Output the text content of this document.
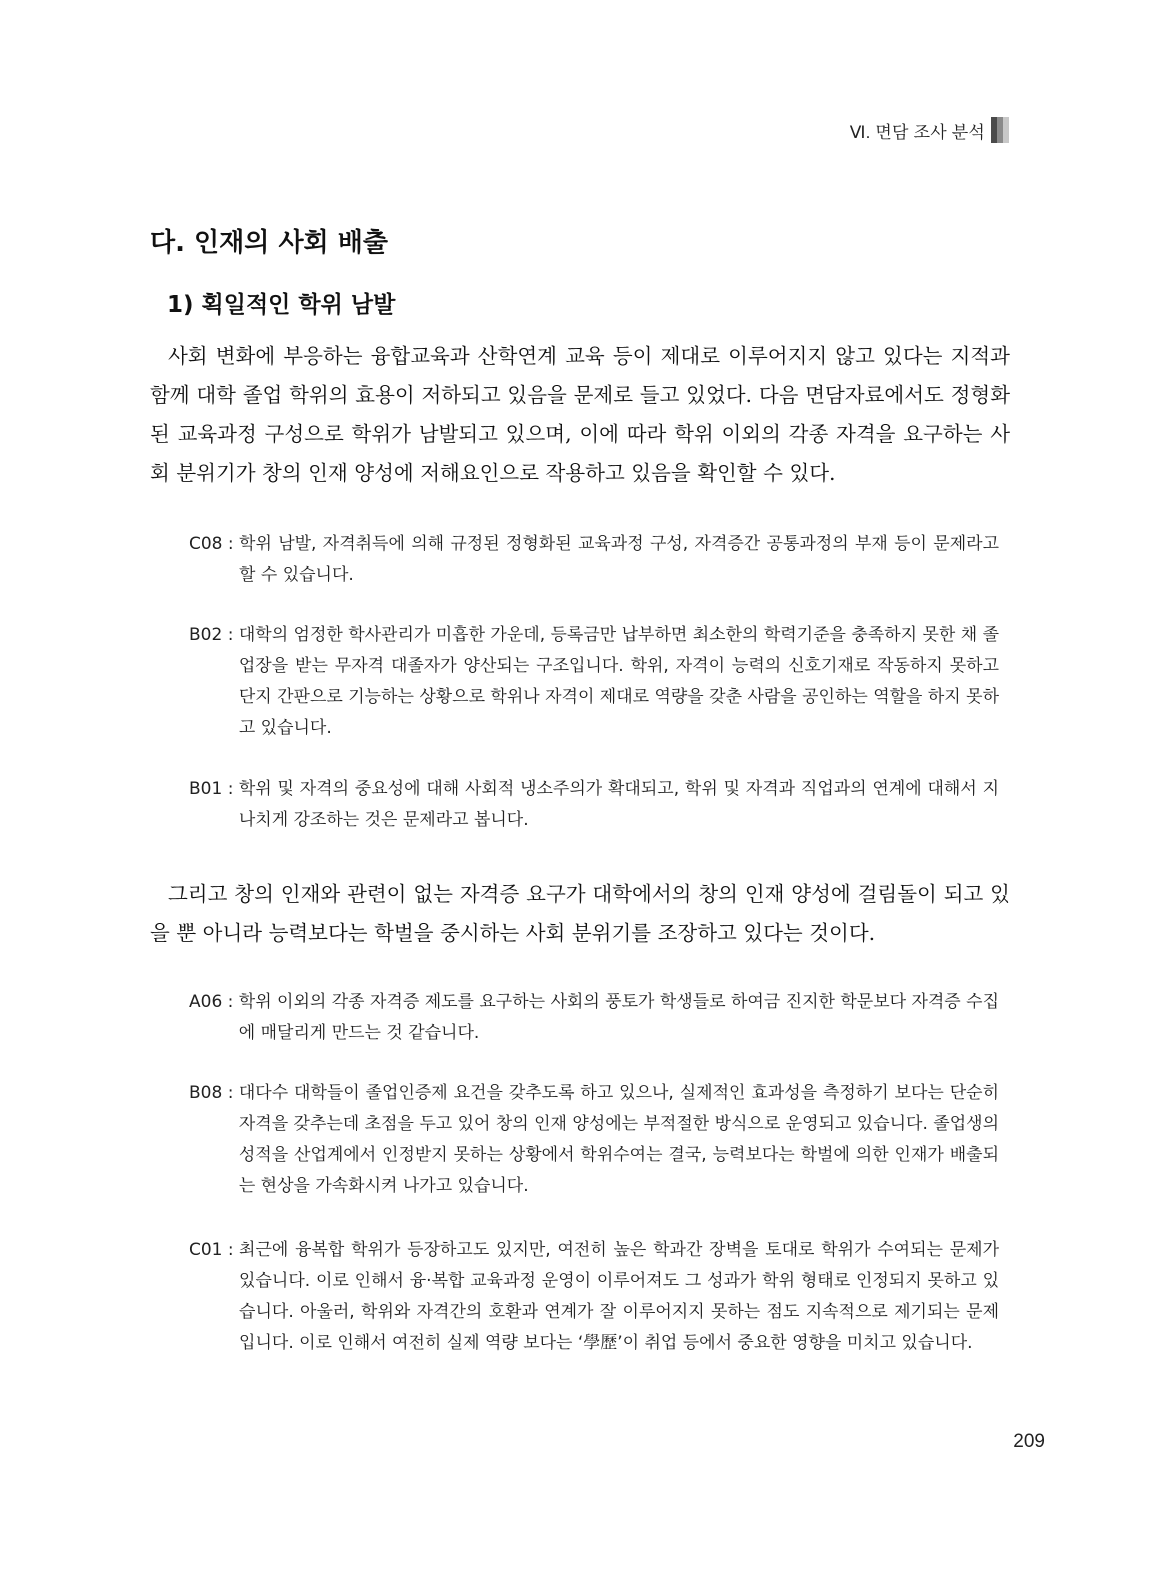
Ⅵ. 면담 조사 분석
다. 인재의 사회 배출
1) 획일적인 학위 남발

사회 변화에 부응하는 융합교육과 산학연계 교육 등이 제대로 이루어지지 않고 있다는 지적과 함께 대학 졸업 학위의 효용이 저하되고 있음을 문제로 들고 있었다. 다음 면담자료에서도 정형화된 교육과정 구성으로 학위가 남발되고 있으며, 이에 따라 학위 이외의 각종 자격을 요구하는 사회 분위기가 창의 인재 양성에 저해요인으로 작용하고 있음을 확인할 수 있다.

C08 : 학위 남발, 자격취득에 의해 규정된 정형화된 교육과정 구성, 자격증간 공통과정의 부재 등이 문제라고 할 수 있습니다.
B02 : 대학의 엄정한 학사관리가 미흡한 가운데, 등록금만 납부하면 최소한의 학력기준을 충족하지 못한 채 졸업장을 받는 무자격 대졸자가 양산되는 구조입니다. 학위, 자격이 능력의 신호기재로 작동하지 못하고 단지 간판으로 기능하는 상황으로 학위나 자격이 제대로 역량을 갖춘 사람을 공인하는 역할을 하지 못하고 있습니다.
B01 : 학위 및 자격의 중요성에 대해 사회적 냉소주의가 확대되고, 학위 및 자격과 직업과의 연계에 대해서 지나치게 강조하는 것은 문제라고 봅니다.

그리고 창의 인재와 관련이 없는 자격증 요구가 대학에서의 창의 인재 양성에 걸림돌이 되고 있을 뿐 아니라 능력보다는 학벌을 중시하는 사회 분위기를 조장하고 있다는 것이다.

A06 : 학위 이외의 각종 자격증 제도를 요구하는 사회의 풍토가 학생들로 하여금 진지한 학문보다 자격증 수집에 매달리게 만드는 것 같습니다.
B08 : 대다수 대학들이 졸업인증제 요건을 갖추도록 하고 있으나, 실제적인 효과성을 측정하기 보다는 단순히 자격을 갖추는데 초점을 두고 있어 창의 인재 양성에는 부적절한 방식으로 운영되고 있습니다. 졸업생의 성적을 산업계에서 인정받지 못하는 상황에서 학위수여는 결국, 능력보다는 학벌에 의한 인재가 배출되는 현상을 가속화시켜 나가고 있습니다.
C01 : 최근에 융복합 학위가 등장하고도 있지만, 여전히 높은 학과간 장벽을 토대로 학위가 수여되는 문제가 있습니다. 이로 인해서 융·복합 교육과정 운영이 이루어져도 그 성과가 학위 형태로 인정되지 못하고 있습니다. 아울러, 학위와 자격간의 호환과 연계가 잘 이루어지지 못하는 점도 지속적으로 제기되는 문제입니다. 이로 인해서 여전히 실제 역량 보다는 ‘學歷’이 취업 등에서 중요한 영향을 미치고 있습니다.
209
